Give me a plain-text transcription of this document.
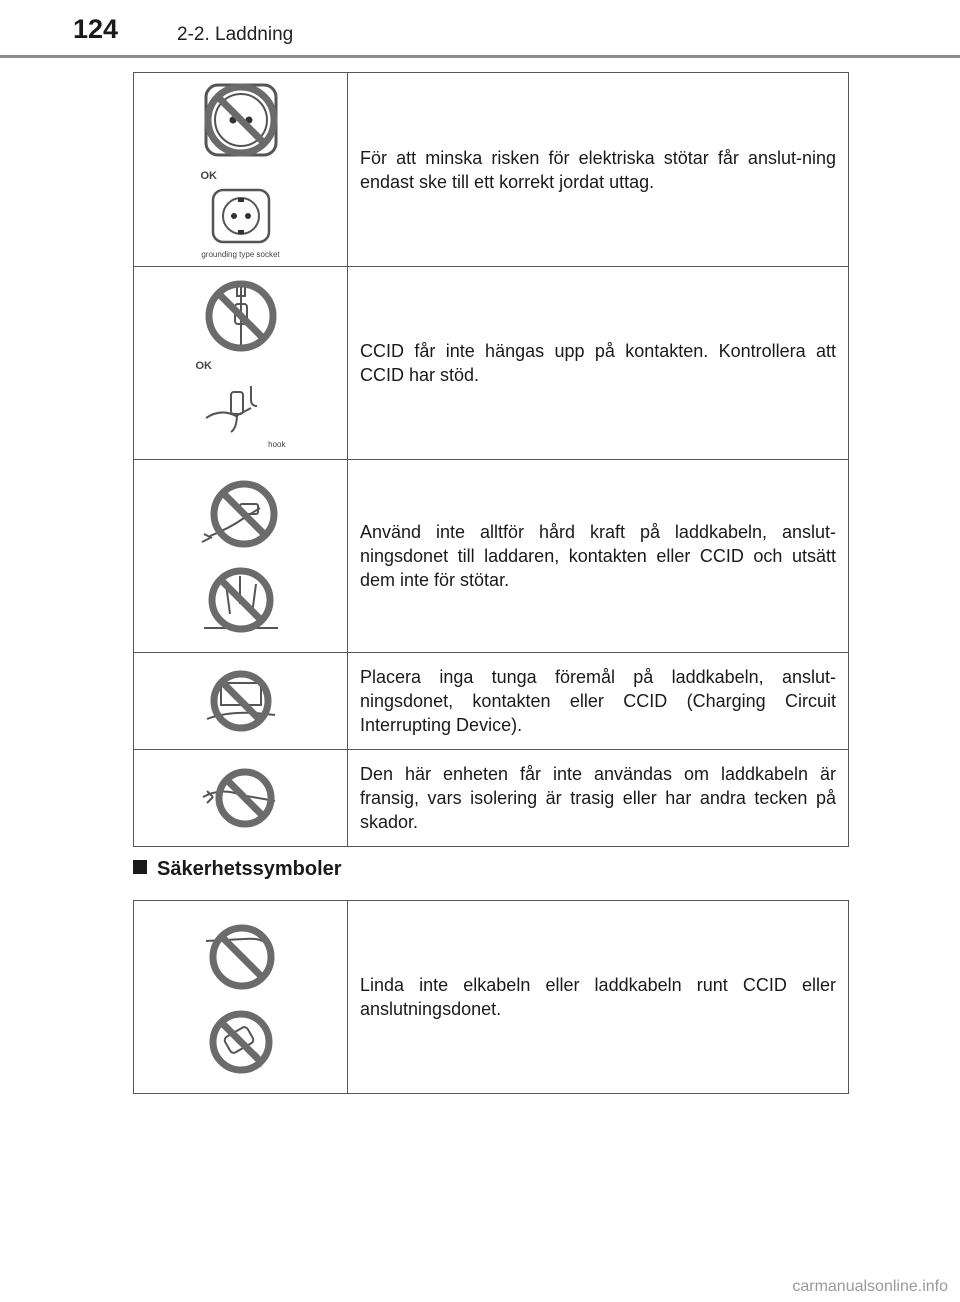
124	2-2. Laddning
OK
grounding type socket	För att minska risken för elektriska stötar får anslut-ning endast ske till ett korrekt jordat uttag.

OK
hook	CCID får inte hängas upp på kontakten. Kontrollera att CCID har stöd.

	Använd inte alltför hård kraft på laddkabeln, anslut-ningsdonet till laddaren, kontakten eller CCID och utsätt dem inte för stötar.

	Placera inga tunga föremål på laddkabeln, anslut-ningsdonet, kontakten eller CCID (Charging Circuit Interrupting Device).

	Den här enheten får inte användas om laddkabeln är fransig, vars isolering är trasig eller har andra tecken på skador.
Säkerhetssymboler
	Linda inte elkabeln eller laddkabeln runt CCID eller anslutningsdonet.
carmanualsonline.info
